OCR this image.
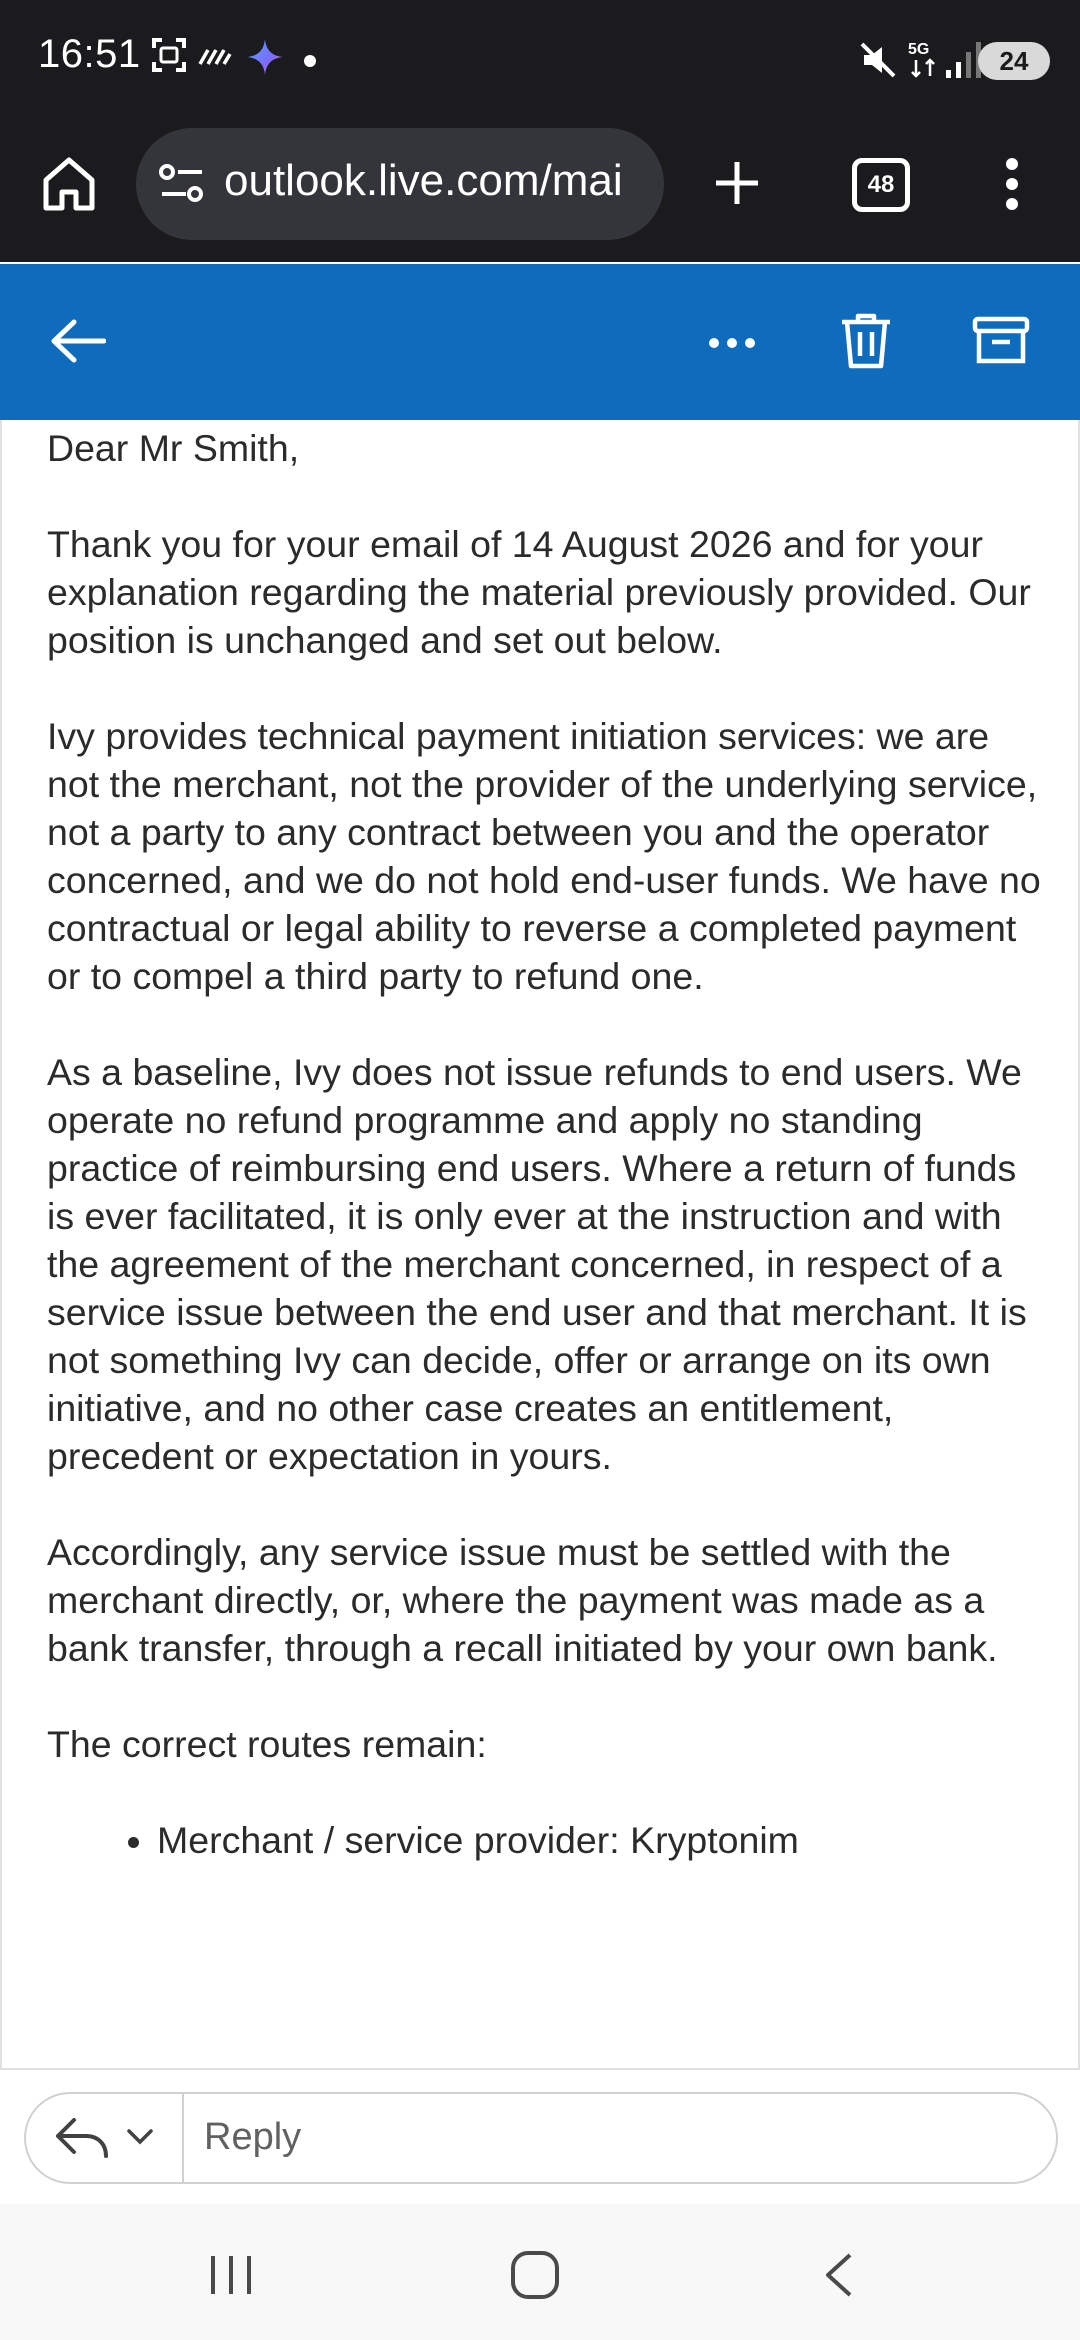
16:51	5G	24
outlook.live.com/mai	48

Dear Mr Smith,

Thank you for your email of 14 August 2026 and for your explanation regarding the material previously provided. Our position is unchanged and set out below.

Ivy provides technical payment initiation services: we are not the merchant, not the provider of the underlying service, not a party to any contract between you and the operator concerned, and we do not hold end-user funds. We have no contractual or legal ability to reverse a completed payment or to compel a third party to refund one.

As a baseline, Ivy does not issue refunds to end users. We operate no refund programme and apply no standing practice of reimbursing end users. Where a return of funds is ever facilitated, it is only ever at the instruction and with the agreement of the merchant concerned, in respect of a service issue between the end user and that merchant. It is not something Ivy can decide, offer or arrange on its own initiative, and no other case creates an entitlement, precedent or expectation in yours.

Accordingly, any service issue must be settled with the merchant directly, or, where the payment was made as a bank transfer, through a recall initiated by your own bank.

The correct routes remain:

• Merchant / service provider: Kryptonim
Reply
